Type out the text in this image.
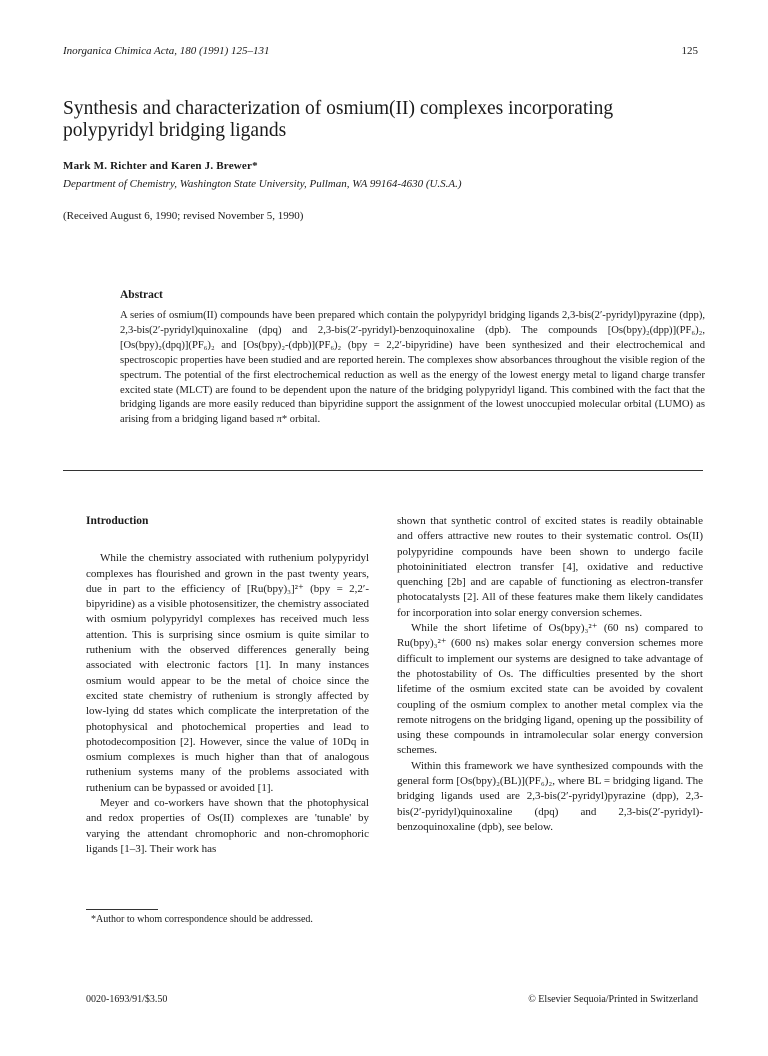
Inorganica Chimica Acta, 180 (1991) 125–131	125
Synthesis and characterization of osmium(II) complexes incorporating polypyridyl bridging ligands
Mark M. Richter and Karen J. Brewer*
Department of Chemistry, Washington State University, Pullman, WA 99164-4630 (U.S.A.)
(Received August 6, 1990; revised November 5, 1990)
Abstract
A series of osmium(II) compounds have been prepared which contain the polypyridyl bridging ligands 2,3-bis(2′-pyridyl)pyrazine (dpp), 2,3-bis(2′-pyridyl)quinoxaline (dpq) and 2,3-bis(2′-pyridyl)-benzoquinoxaline (dpb). The compounds [Os(bpy)₂(dpp)](PF₆)₂, [Os(bpy)₂(dpq)](PF₆)₂ and [Os(bpy)₂-(dpb)](PF₆)₂ (bpy = 2,2′-bipyridine) have been synthesized and their electrochemical and spectroscopic properties have been studied and are reported herein. The complexes show absorbances throughout the visible region of the spectrum. The potential of the first electrochemical reduction as well as the energy of the lowest energy metal to ligand charge transfer excited state (MLCT) are found to be dependent upon the nature of the bridging polypyridyl ligand. This combined with the fact that the bridging ligands are more easily reduced than bipyridine support the assignment of the lowest unoccupied molecular orbital (LUMO) as arising from a bridging ligand based π* orbital.

Introduction

While the chemistry associated with ruthenium polypyridyl complexes has flourished and grown in the past twenty years, due in part to the efficiency of [Ru(bpy)₃]²⁺ (bpy = 2,2′-bipyridine) as a visible photosensitizer, the chemistry associated with osmium polypyridyl complexes has received much less attention. This is surprising since osmium is quite similar to ruthenium with the observed differences generally being associated with electronic factors [1]. In many instances osmium would appear to be the metal of choice since the excited state chemistry of ruthenium is strongly affected by low-lying dd states which complicate the interpretation of the photophysical and photochemical properties and lead to photodecomposition [2]. However, since the value of 10Dq in osmium complexes is much higher than that of analogous ruthenium systems many of the problems associated with ruthenium can be bypassed or avoided [1].

Meyer and co-workers have shown that the photophysical and redox properties of Os(II) complexes are 'tunable' by varying the attendant chromophoric and non-chromophoric ligands [1–3]. Their work has

shown that synthetic control of excited states is readily obtainable and offers attractive new routes to their systematic control. Os(II) polypyridine compounds have been shown to undergo facile photoininitiated electron transfer [4], oxidative and reductive quenching [2b] and are capable of functioning as electron-transfer photocatalysts [2]. All of these features make them likely candidates for incorporation into solar energy conversion schemes.

While the short lifetime of Os(bpy)₃²⁺ (60 ns) compared to Ru(bpy)₃²⁺ (600 ns) makes solar energy conversion schemes more difficult to implement our systems are designed to take advantage of the photostability of Os. The difficulties presented by the short lifetime of the osmium excited state can be avoided by covalent coupling of the osmium complex to another metal complex via the remote nitrogens on the bridging ligand, opening up the possibility of using these compounds in intramolecular solar energy conversion schemes.

Within this framework we have synthesized compounds with the general form [Os(bpy)₂(BL)](PF₆)₂, where BL = bridging ligand. The bridging ligands used are 2,3-bis(2′-pyridyl)pyrazine (dpp), 2,3-bis(2′-pyridyl)quinoxaline (dpq) and 2,3-bis(2′-pyridyl)-benzoquinoxaline (dpb), see below.

*Author to whom correspondence should be addressed.
0020-1693/91/$3.50	© Elsevier Sequoia/Printed in Switzerland
